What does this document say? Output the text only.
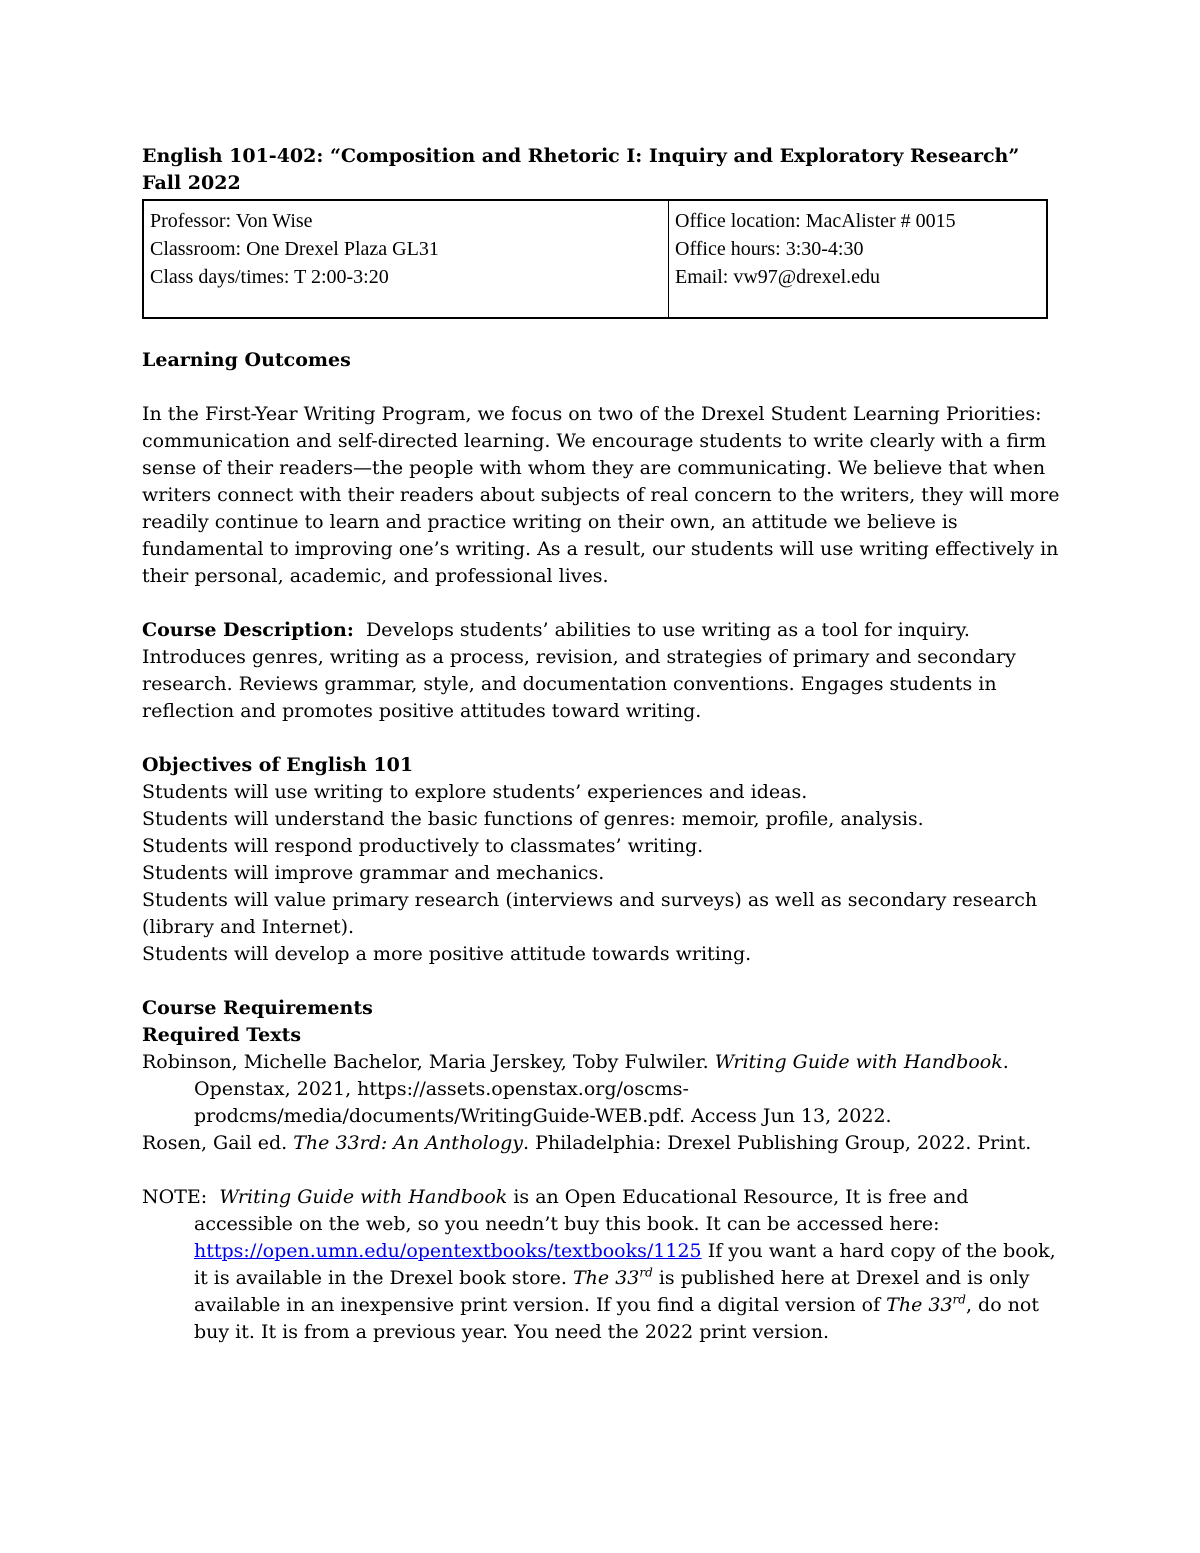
English 101-402: “Composition and Rhetoric I: Inquiry and Exploratory Research”
Fall 2022
Professor: Von Wise
Classroom: One Drexel Plaza GL31
Class days/times: T 2:00-3:20

Office location: MacAlister # 0015
Office hours: 3:30-4:30
Email: vw97@drexel.edu
Learning Outcomes

In the First-Year Writing Program, we focus on two of the Drexel Student Learning Priorities: communication and self-directed learning. We encourage students to write clearly with a firm sense of their readers—the people with whom they are communicating. We believe that when writers connect with their readers about subjects of real concern to the writers, they will more readily continue to learn and practice writing on their own, an attitude we believe is fundamental to improving one’s writing. As a result, our students will use writing effectively in their personal, academic, and professional lives.

Course Description: Develops students’ abilities to use writing as a tool for inquiry. Introduces genres, writing as a process, revision, and strategies of primary and secondary research. Reviews grammar, style, and documentation conventions. Engages students in reflection and promotes positive attitudes toward writing.

Objectives of English 101
Students will use writing to explore students’ experiences and ideas.
Students will understand the basic functions of genres: memoir, profile, analysis.
Students will respond productively to classmates’ writing.
Students will improve grammar and mechanics.
Students will value primary research (interviews and surveys) as well as secondary research (library and Internet).
Students will develop a more positive attitude towards writing.
Course Requirements
Required Texts

Robinson, Michelle Bachelor, Maria Jerskey, Toby Fulwiler. Writing Guide with Handbook. Openstax, 2021, https://assets.openstax.org/oscms-prodcms/media/documents/WritingGuide-WEB.pdf. Access Jun 13, 2022.

Rosen, Gail ed. The 33rd: An Anthology. Philadelphia: Drexel Publishing Group, 2022. Print.

NOTE: Writing Guide with Handbook is an Open Educational Resource, It is free and accessible on the web, so you needn’t buy this book. It can be accessed here: https://open.umn.edu/opentextbooks/textbooks/1125 If you want a hard copy of the book, it is available in the Drexel book store. The 33rd is published here at Drexel and is only available in an inexpensive print version. If you find a digital version of The 33rd, do not buy it. It is from a previous year. You need the 2022 print version.
